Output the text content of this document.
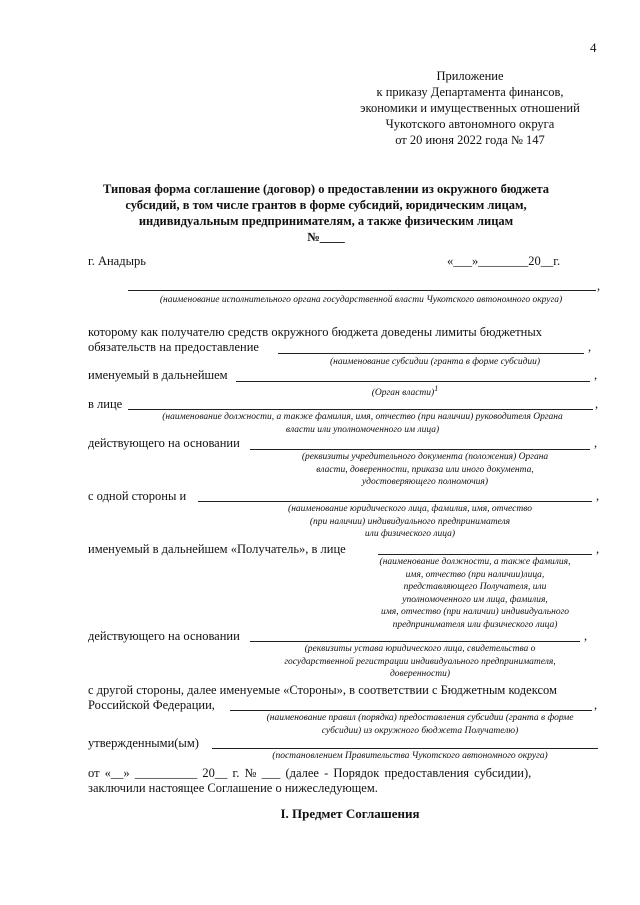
4
Приложение
к приказу Департамента финансов,
экономики и имущественных отношений
Чукотского автономного округа
от 20 июня 2022 года № 147
Типовая форма соглашение (договор) о предоставлении из окружного бюджета
субсидий, в том числе грантов в форме субсидий, юридическим лицам,
индивидуальным предпринимателям, а также физическим лицам
№____
г. Анадырь	«___»________20__г.
,
(наименование исполнительного органа государственной власти Чукотского автономного округа)
которому как получателю средств окружного бюджета доведены лимиты бюджетных
обязательств на предоставление	,
(наименование субсидии (гранта в форме субсидии)
именуемый в дальнейшем	,
(Орган власти)$^1$
в лице	,
(наименование должности, а также фамилия, имя, отчество (при наличии) руководителя Органа
власти или уполномоченного им лица)
действующего на основании	,
(реквизиты учредительного документа (положения) Органа
власти, доверенности, приказа или иного документа,
удостоверяющего полномочия)
с одной стороны и	,
(наименование юридического лица, фамилия, имя, отчество
(при наличии) индивидуального предпринимателя
или физического лица)
именуемый в дальнейшем «Получатель», в лице	,
(наименование должности, а также фамилия,
имя, отчество (при наличии)лица,
представляющего Получателя, или
уполномоченного им лица, фамилия,
имя, отчество (при наличии) индивидуального
предпринимателя или физического лица)
действующего на основании	,
(реквизиты устава юридического лица, свидетельства о
государственной регистрации индивидуального предпринимателя,
доверенности)
с другой стороны, далее именуемые «Стороны», в соответствии с Бюджетным кодексом
Российской Федерации,	,
(наименование правил (порядка) предоставления субсидии (гранта в форме
субсидии) из окружного бюджета Получателю)
утвержденными(ым)
(постановлением Правительства Чукотского автономного округа)
от «__» __________ 20__ г. № ___ (далее - Порядок предоставления субсидии),
заключили настоящее Соглашение о нижеследующем.
I. Предмет Соглашения
